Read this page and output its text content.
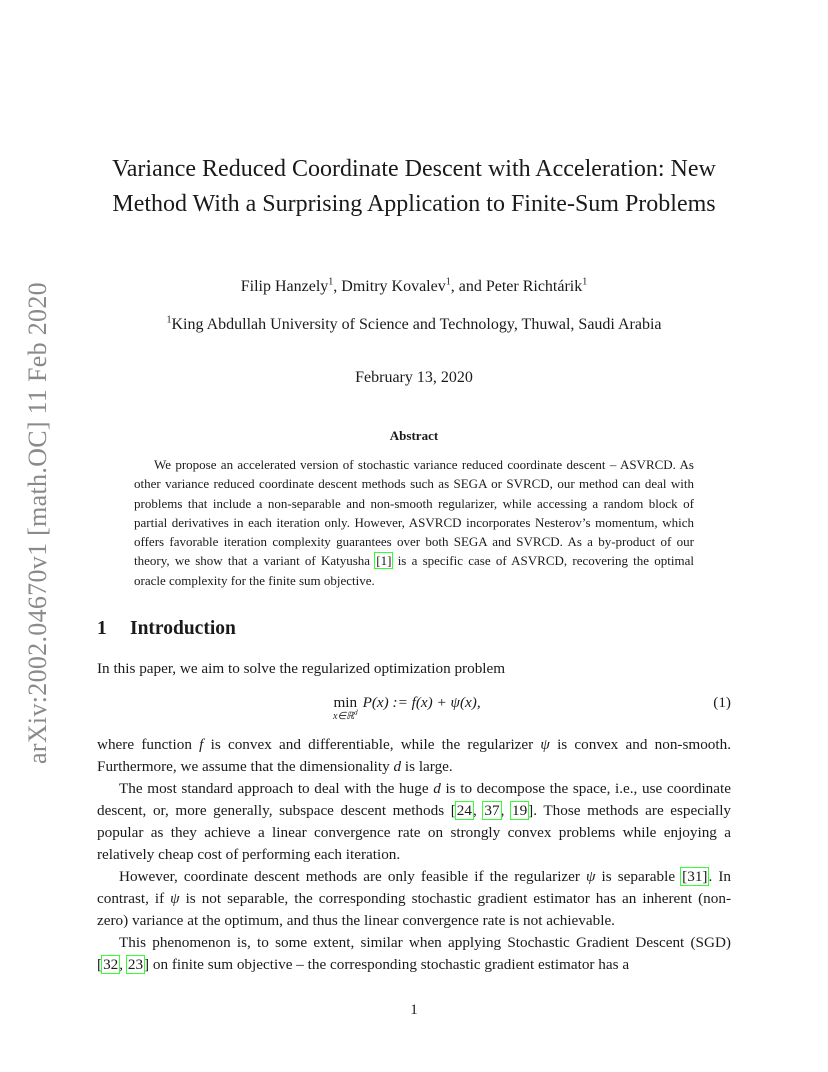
arXiv:2002.04670v1 [math.OC] 11 Feb 2020
Variance Reduced Coordinate Descent with Acceleration: New Method With a Surprising Application to Finite-Sum Problems
Filip Hanzely$^1$, Dmitry Kovalev$^1$, and Peter Richtárik$^1$
$^1$King Abdullah University of Science and Technology, Thuwal, Saudi Arabia
February 13, 2020
Abstract

We propose an accelerated version of stochastic variance reduced coordinate descent – ASVRCD. As other variance reduced coordinate descent methods such as SEGA or SVRCD, our method can deal with problems that include a non-separable and non-smooth regularizer, while accessing a random block of partial derivatives in each iteration only. However, ASVRCD incorporates Nesterov’s momentum, which offers favorable iteration complexity guarantees over both SEGA and SVRCD. As a by-product of our theory, we show that a variant of Katyusha [1] is a specific case of ASVRCD, recovering the optimal oracle complexity for the finite sum objective.

1 Introduction

In this paper, we aim to solve the regularized optimization problem

min
x∈ℝ$^d$
P(x) := f(x) + ψ(x),	(1)

where function f is convex and differentiable, while the regularizer ψ is convex and non-smooth. Furthermore, we assume that the dimensionality d is large.

The most standard approach to deal with the huge d is to decompose the space, i.e., use coordinate descent, or, more generally, subspace descent methods [24, 37, 19]. Those methods are especially popular as they achieve a linear convergence rate on strongly convex problems while enjoying a relatively cheap cost of performing each iteration.

However, coordinate descent methods are only feasible if the regularizer ψ is separable [31]. In contrast, if ψ is not separable, the corresponding stochastic gradient estimator has an inherent (non-zero) variance at the optimum, and thus the linear convergence rate is not achievable.

This phenomenon is, to some extent, similar when applying Stochastic Gradient Descent (SGD) [32, 23] on finite sum objective – the corresponding stochastic gradient estimator has a

1
